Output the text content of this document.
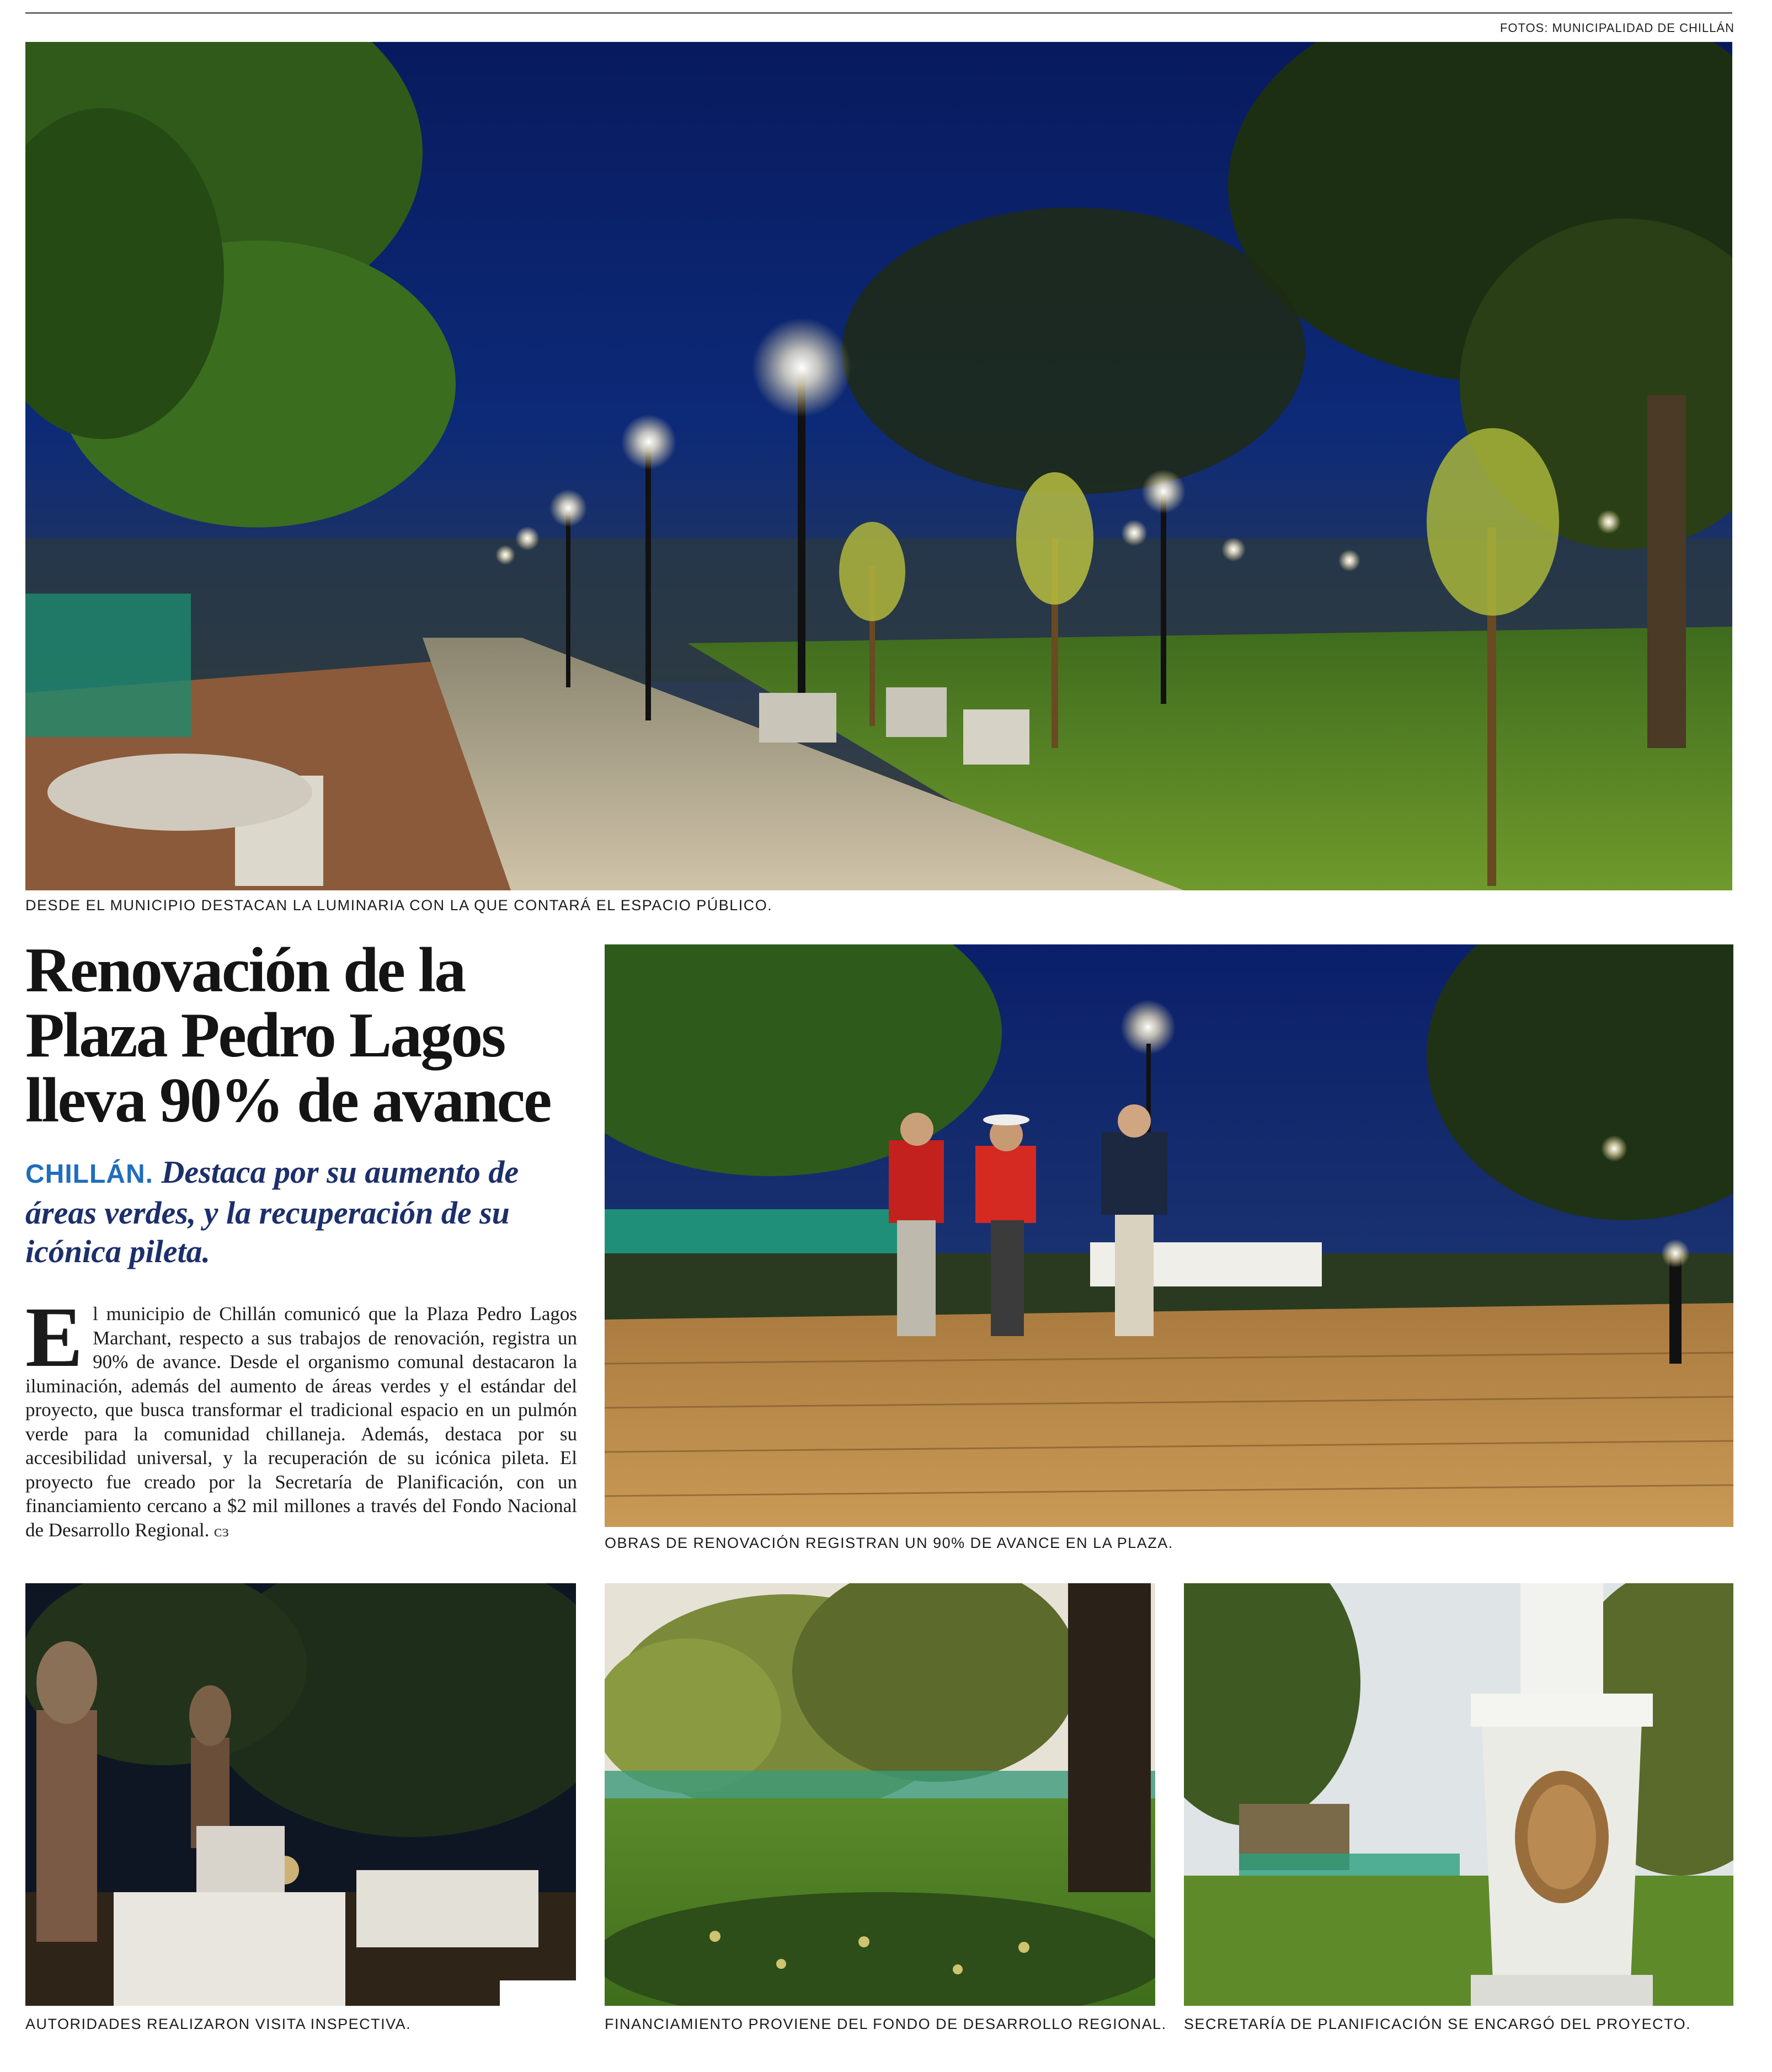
FOTOS: MUNICIPALIDAD DE CHILLÁN
DESDE EL MUNICIPIO DESTACAN LA LUMINARIA CON LA QUE CONTARÁ EL ESPACIO PÚBLICO.
Renovación de la Plaza Pedro Lagos lleva 90% de avance
CHILLÁN. Destaca por su aumento de áreas verdes, y la recuperación de su icónica pileta.
E l municipio de Chillán comunicó que la Plaza Pedro Lagos Marchant, respecto a sus trabajos de renovación, registra un 90% de avance. Desde el organismo comunal destacaron la iluminación, además del aumento de áreas verdes y el estándar del proyecto, que busca transformar el tradicional espacio en un pulmón verde para la comunidad chillaneja. Además, destaca por su accesibilidad universal, y la recuperación de su icónica pileta. El proyecto fue creado por la Secretaría de Planificación, con un financiamiento cercano a $2 mil millones a través del Fondo Nacional de Desarrollo Regional. ᴄɜ
OBRAS DE RENOVACIÓN REGISTRAN UN 90% DE AVANCE EN LA PLAZA.
AUTORIDADES REALIZARON VISITA INSPECTIVA.	FINANCIAMIENTO PROVIENE DEL FONDO DE DESARROLLO REGIONAL. SECRETARÍA DE PLANIFICACIÓN SE ENCARGÓ DEL PROYECTO.
